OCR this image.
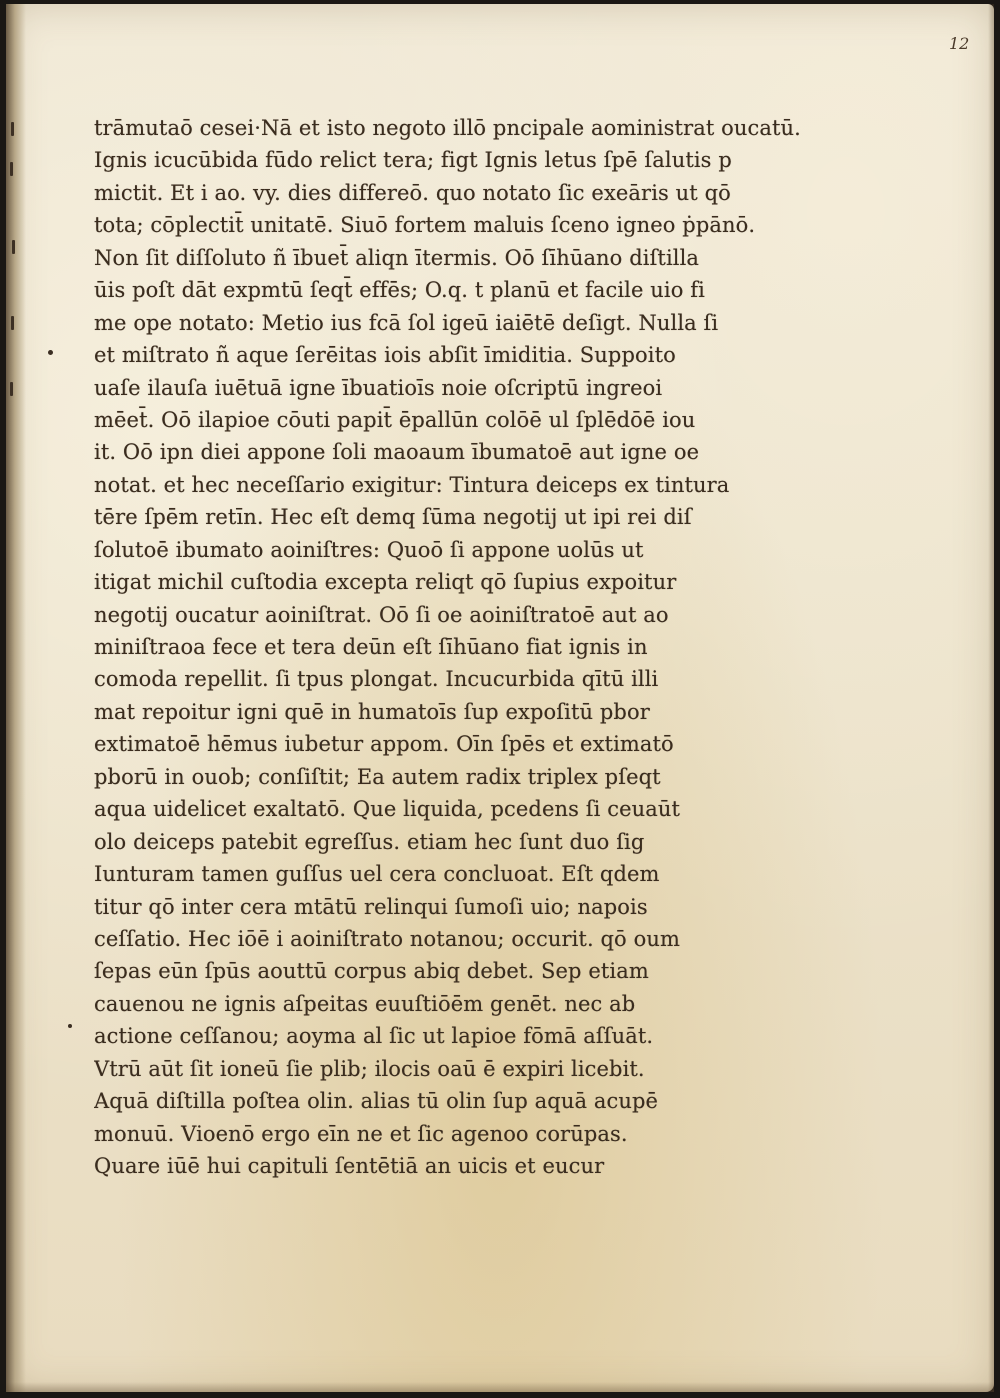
12
trāmutaō cesei·Nā et isto negoto illō pncipale aoministrat oucatū.
Ignis icucūbida fūdo relict tera; figt Ignis letus ſpē ſalutis p
mictit. Et i ao. vy. dies differeō. quo notato ſic exeāris ut qō
tota; cōplectit̄ unitatē. Siuō fortem maluis ſceno igneo ṗpānō.
Non ſit diſſoluto ñ ībuet̄ aliqn ītermis. Oō ſīhūano diſtilla
ūis poſt dāt expmtū ſeqt̄ effēs; O.q. t planū et facile uio fi
me ope notato: Metio ius fcā ſol igeū iaiētē deſigt. Nulla ſi
et miſtrato ñ aque ſerēitas iois abſit īmiditia. Suppoito
uaſe ilauſa iuētuā igne ībuatioīs noie oſcriptū ingreoi
mēet̄. Oō ilapioe cōuti papit̄ ēpallūn colōē ul ſplēdōē iou
it. Oō ipn diei appone ſoli maoaum ībumatoē aut igne oe
notat. et hec neceſſario exigitur: Tintura deiceps ex tintura
tēre ſpēm retīn. Hec eſt demq ſūma negotij ut ipi rei diſ
ſolutoē ibumato aoiniſtres: Quoō ſi appone uolūs ut
itigat michil cuſtodia excepta reliqt qō ſupius expoitur
negotij oucatur aoiniſtrat. Oō ſi oe aoiniſtratoē aut ao
miniſtraoa fece et tera deūn eſt ſīhūano fiat ignis in
comoda repellit. ſi tpus plongat. Incucurbida qītū illi
mat repoitur igni quē in humatoīs ſup expoſitū pbor
extimatoē hēmus iubetur appom. Oīn ſpēs et extimatō
pborū in ouob; conſiſtit; Ea autem radix triplex pſeqt
aqua uidelicet exaltatō. Que liquida, pcedens ſi ceuaūt
olo deiceps patebit egreſſus. etiam hec ſunt duo ſig
Iunturam tamen guſſus uel cera concluoat. Eſt qdem
titur qō inter cera mtātū relinqui ſumoſi uio; napois
ceſſatio. Hec iōē i aoiniſtrato notanou; occurit. qō oum
ſepas eūn ſpūs aouttū corpus abiq debet. Sep etiam
cauenou ne ignis aſpeitas euuſtiōēm genēt. nec ab
actione ceſſanou; aoyma al ſic ut lapioe fōmā aſſuāt.
Vtrū aūt ſit ioneū ſie plib; ilocis oaū ē expiri licebit.
Aquā diſtilla poſtea olin. alias tū olin ſup aquā acupē
monuū. Vioenō ergo eīn ne et ſic agenoo corūpas.
Quare iūē hui capituli ſentētiā an uicis et eucur
